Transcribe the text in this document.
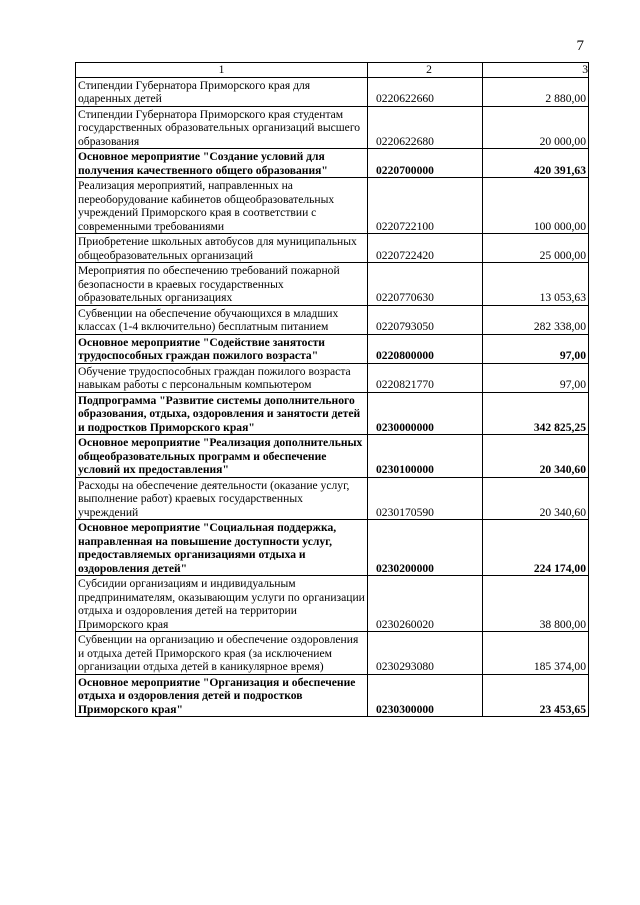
7
1	2	3
Стипендии Губернатора Приморского края для одаренных детей	0220622660	2 880,00
Стипендии Губернатора Приморского края студентам государственных образовательных организаций высшего образования	0220622680	20 000,00
Основное мероприятие "Создание условий для получения качественного общего образования"	0220700000	420 391,63
Реализация мероприятий, направленных на переоборудование кабинетов общеобразовательных учреждений Приморского края в соответствии с современными требованиями	0220722100	100 000,00
Приобретение школьных автобусов для муниципальных общеобразовательных организаций	0220722420	25 000,00
Мероприятия по обеспечению требований пожарной безопасности в краевых государственных образовательных организациях	0220770630	13 053,63
Субвенции на обеспечение обучающихся в младших классах (1-4 включительно) бесплатным питанием	0220793050	282 338,00
Основное мероприятие "Содействие занятости трудоспособных граждан пожилого возраста"	0220800000	97,00
Обучение трудоспособных граждан пожилого возраста навыкам работы с персональным компьютером	0220821770	97,00
Подпрограмма "Развитие системы дополнительного образования, отдыха, оздоровления и занятости детей и подростков Приморского края"	0230000000	342 825,25
Основное мероприятие "Реализация дополнительных общеобразовательных программ и обеспечение условий их предоставления"	0230100000	20 340,60
Расходы на обеспечение деятельности (оказание услуг, выполнение работ) краевых государственных учреждений	0230170590	20 340,60
Основное мероприятие "Социальная поддержка, направленная на повышение доступности услуг, предоставляемых организациями отдыха и оздоровления детей"	0230200000	224 174,00
Субсидии организациям и индивидуальным предпринимателям, оказывающим услуги по организации отдыха и оздоровления детей на территории Приморского края	0230260020	38 800,00
Субвенции на организацию и обеспечение оздоровления и отдыха детей Приморского края (за исключением организации отдыха детей в каникулярное время)	0230293080	185 374,00
Основное мероприятие "Организация и обеспечение отдыха и оздоровления детей и подростков Приморского края"	0230300000	23 453,65
